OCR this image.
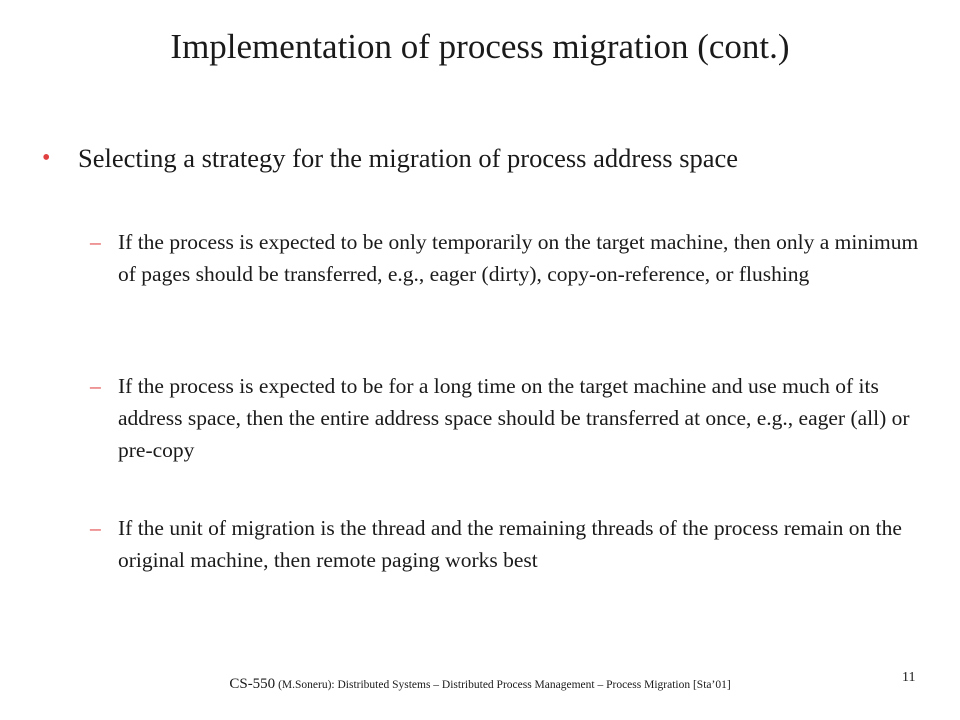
Implementation of process migration (cont.)
•	Selecting a strategy for the migration of process address space
– If the process is expected to be only temporarily on the target machine, then only a minimum of pages should be transferred, e.g., eager (dirty), copy-on-reference, or flushing
– If the process is expected to be for a long time on the target machine and use much of its address space, then the entire address space should be transferred at once, e.g., eager (all) or pre-copy
– If the unit of migration is the thread and the remaining threads of the process remain on the original machine, then remote paging works best
CS-550 (M.Soneru): Distributed Systems – Distributed Process Management – Process Migration [Sta’01]	11
